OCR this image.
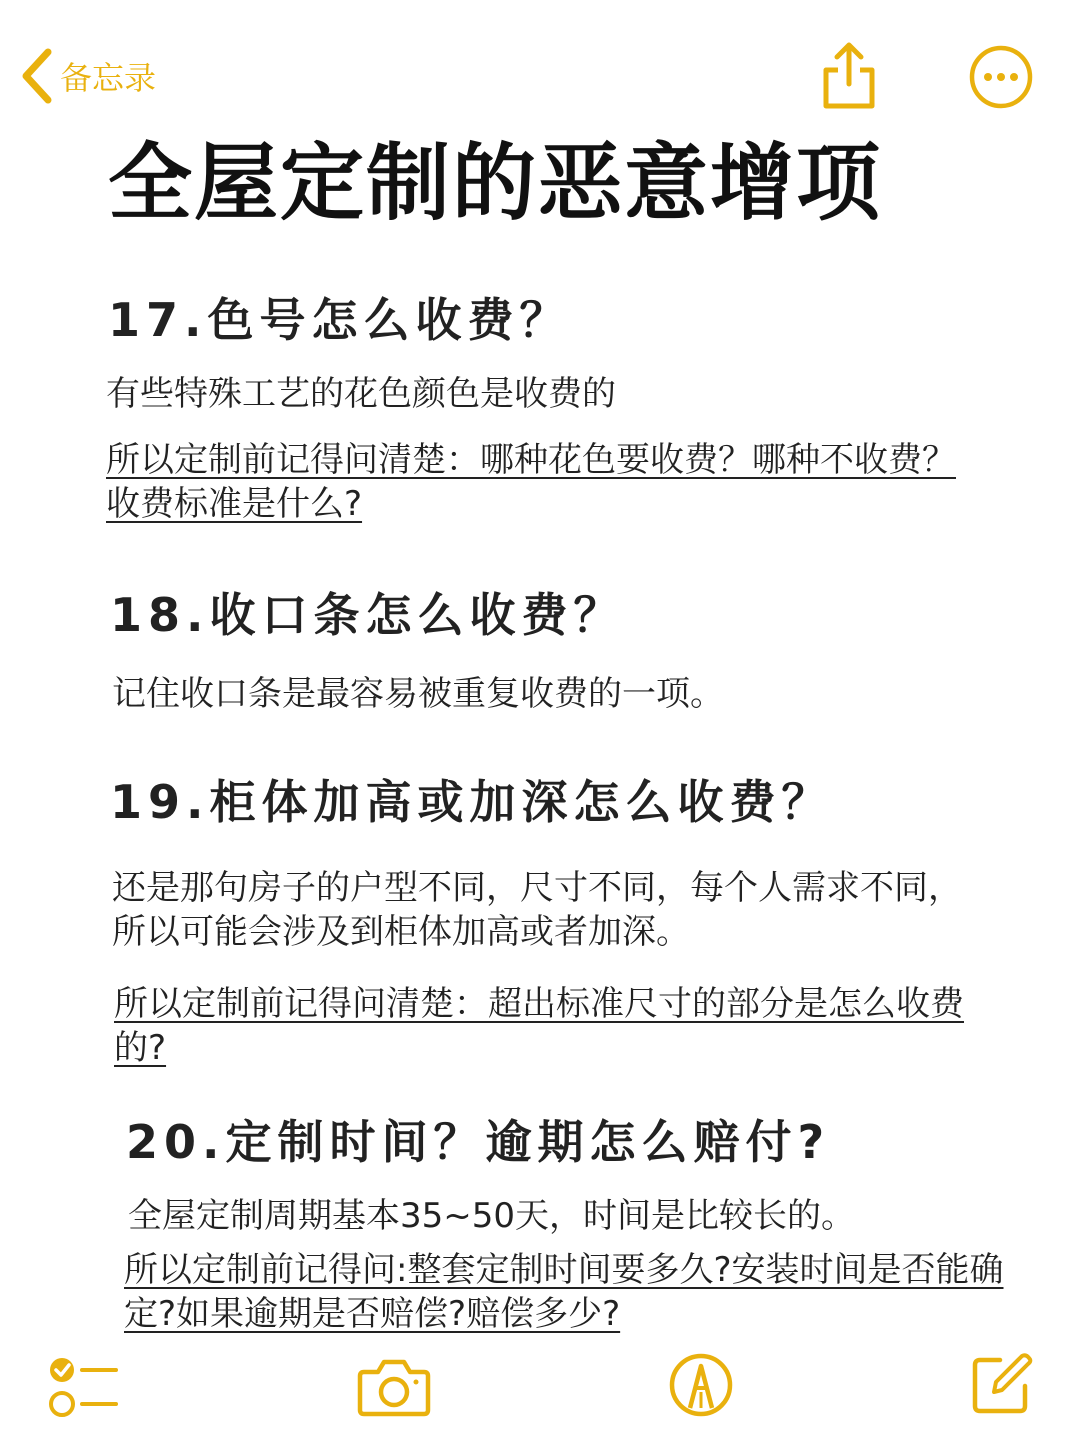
备忘录
全屋定制的恶意增项
17.色号怎么收费？
有些特殊工艺的花色颜色是收费的
所以定制前记得问清楚：哪种花色要收费？哪种不收费？收费标准是什么?
18.收口条怎么收费？
记住收口条是最容易被重复收费的一项。
19.柜体加高或加深怎么收费？
还是那句房子的户型不同，尺寸不同，每个人需求不同，所以可能会涉及到柜体加高或者加深。
所以定制前记得问清楚：超出标准尺寸的部分是怎么收费的?
20.定制时间？逾期怎么赔付?
全屋定制周期基本35~50天，时间是比较长的。
所以定制前记得问:整套定制时间要多久?安装时间是否能确定?如果逾期是否赔偿?赔偿多少?
